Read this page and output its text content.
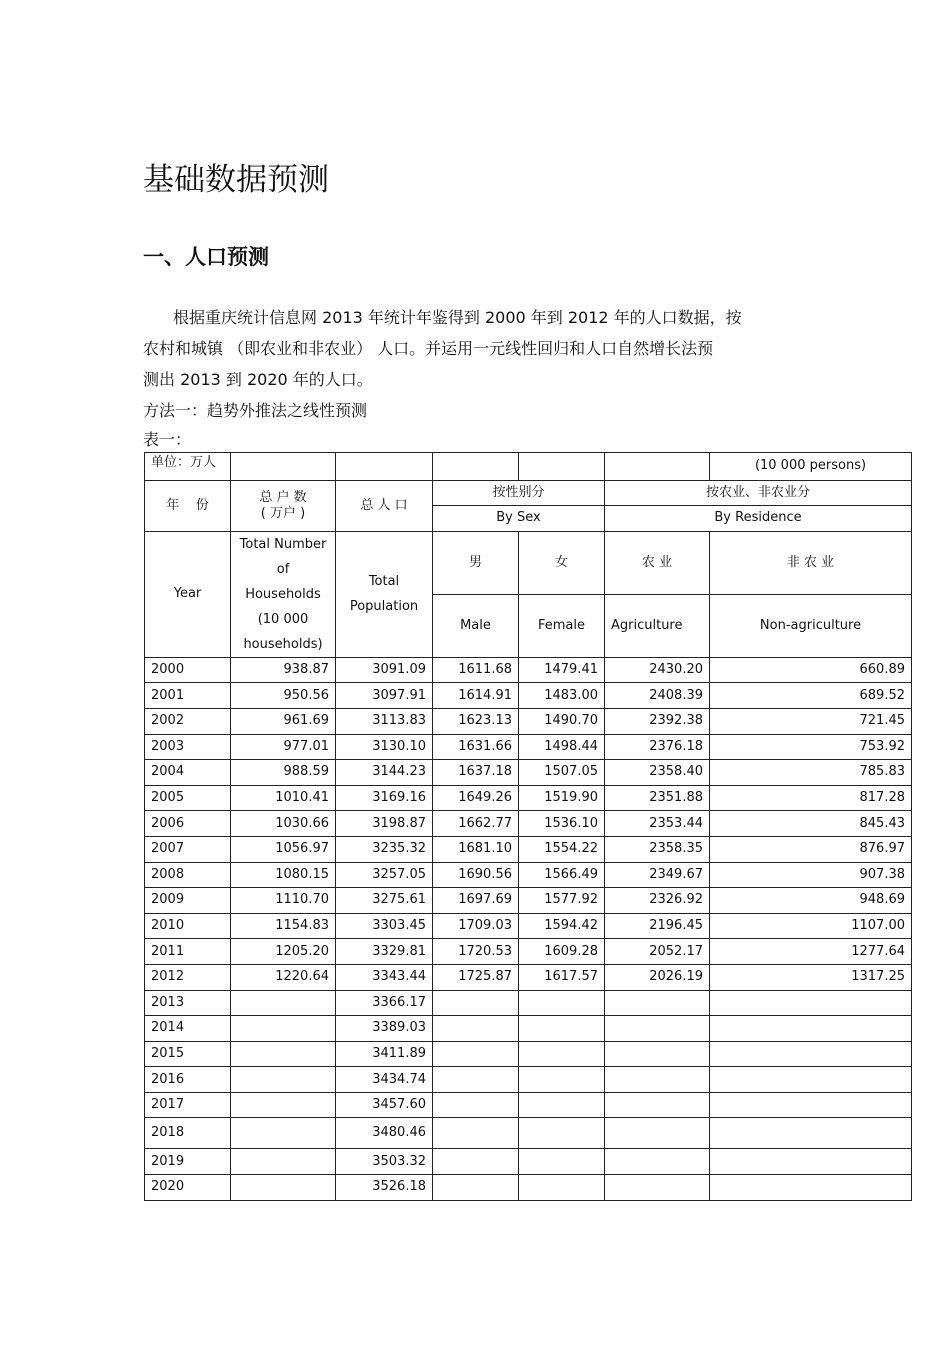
基础数据预测
一、人口预测

根据重庆统计信息网 2013 年统计年鉴得到 2000 年到 2012 年的人口数据，按
农村和城镇 （即农业和非农业） 人口。并运用一元线性回归和人口自然增长法预
测出 2013 到 2020 年的人口。

方法一：趋势外推法之线性预测

表一：

单位：万人						(10 000 persons)
年    份	总 户 数
( 万户 )	总 人 口	按性别分		按农业、非农业分	
			By Sex		By Residence	
Year	Total Number of Households (10 000 households)	Total Population	男	女	农 业	非 农 业
			Male	Female	Agriculture	Non-agriculture
2000	938.87	3091.09	1611.68	1479.41	2430.20	660.89
2001	950.56	3097.91	1614.91	1483.00	2408.39	689.52
2002	961.69	3113.83	1623.13	1490.70	2392.38	721.45
2003	977.01	3130.10	1631.66	1498.44	2376.18	753.92
2004	988.59	3144.23	1637.18	1507.05	2358.40	785.83
2005	1010.41	3169.16	1649.26	1519.90	2351.88	817.28
2006	1030.66	3198.87	1662.77	1536.10	2353.44	845.43
2007	1056.97	3235.32	1681.10	1554.22	2358.35	876.97
2008	1080.15	3257.05	1690.56	1566.49	2349.67	907.38
2009	1110.70	3275.61	1697.69	1577.92	2326.92	948.69
2010	1154.83	3303.45	1709.03	1594.42	2196.45	1107.00
2011	1205.20	3329.81	1720.53	1609.28	2052.17	1277.64
2012	1220.64	3343.44	1725.87	1617.57	2026.19	1317.25
2013		3366.17				
2014		3389.03				
2015		3411.89				
2016		3434.74				
2017		3457.60				
2018		3480.46				
2019		3503.32				
2020		3526.18				
